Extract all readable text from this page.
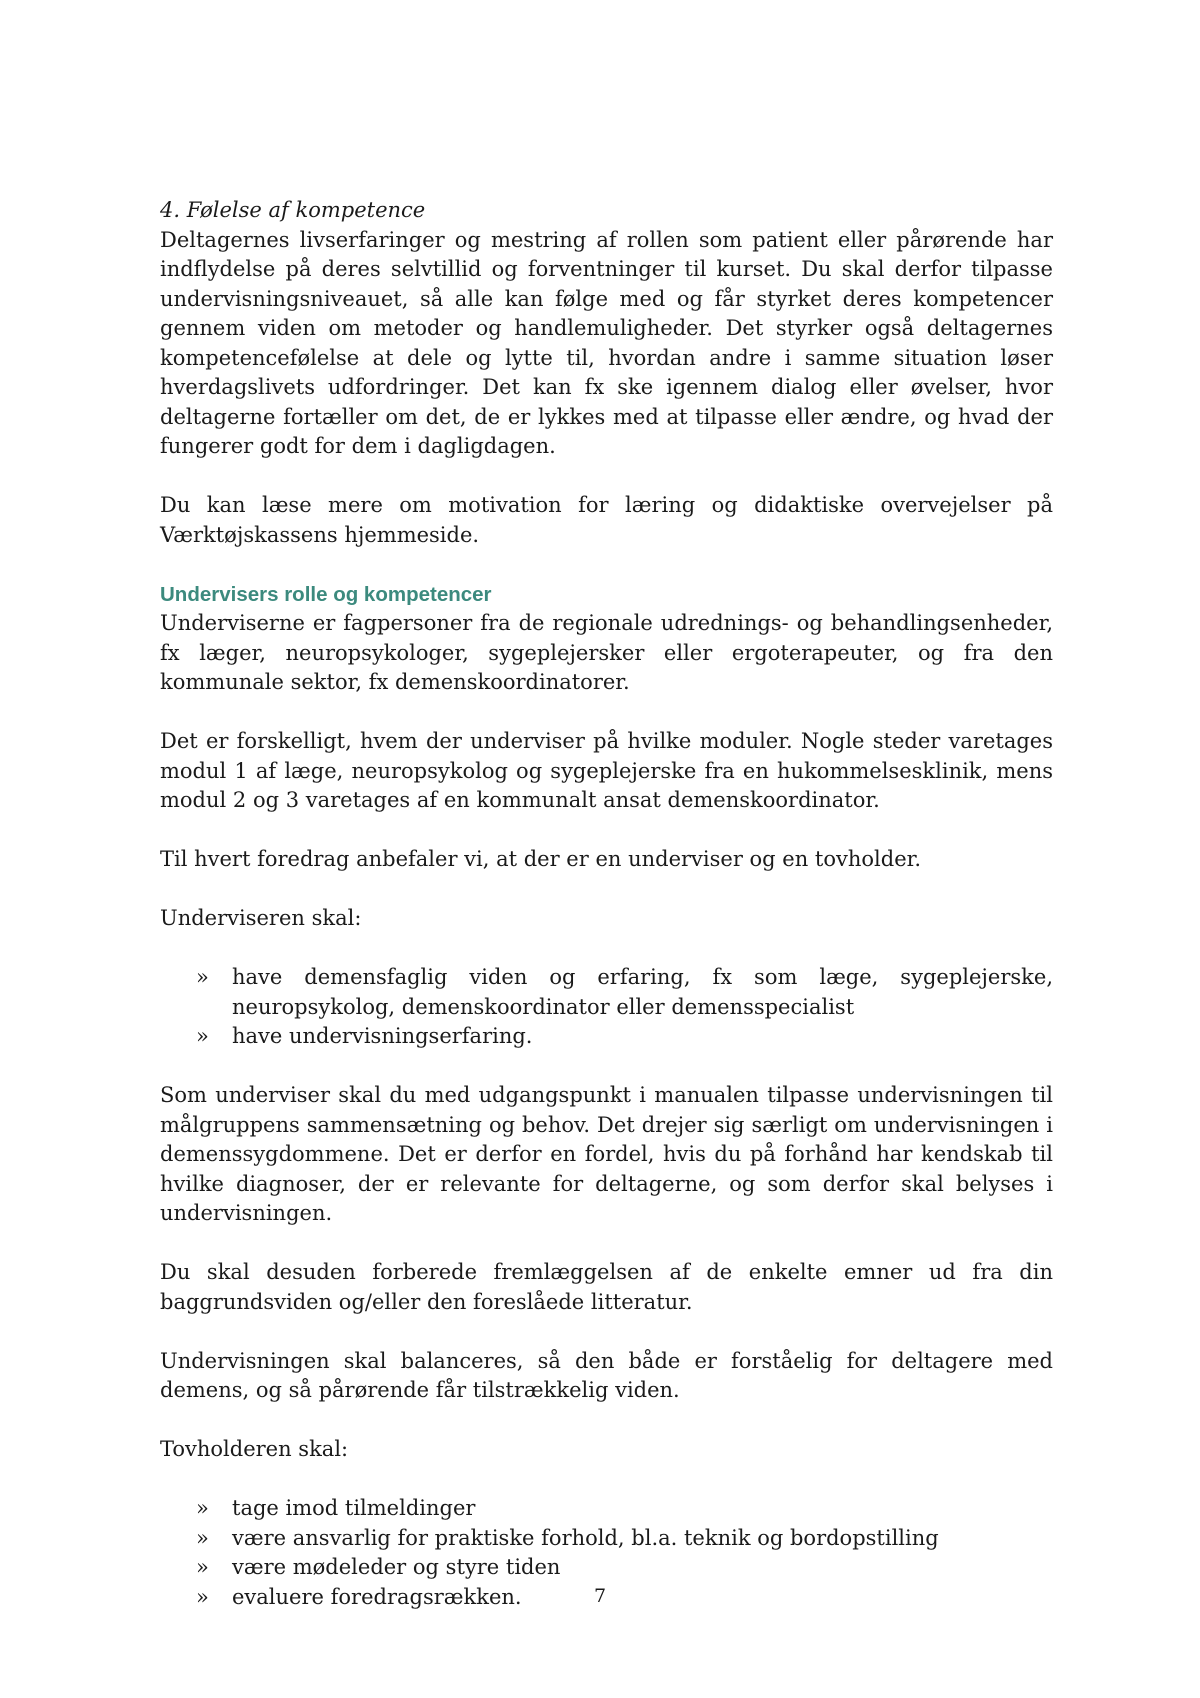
4. Følelse af kompetence

Deltagernes livserfaringer og mestring af rollen som patient eller pårørende har indflydelse på deres selvtillid og forventninger til kurset. Du skal derfor tilpasse undervisningsniveauet, så alle kan følge med og får styrket deres kompetencer gennem viden om metoder og handlemuligheder. Det styrker også deltagernes kompetencefølelse at dele og lytte til, hvordan andre i samme situation løser hverdagslivets udfordringer. Det kan fx ske igennem dialog eller øvelser, hvor deltagerne fortæller om det, de er lykkes med at tilpasse eller ændre, og hvad der fungerer godt for dem i dagligdagen.

Du kan læse mere om motivation for læring og didaktiske overvejelser på Værktøjskassens hjemmeside.

Undervisers rolle og kompetencer

Underviserne er fagpersoner fra de regionale udrednings- og behandlingsenheder, fx læger, neuropsykologer, sygeplejersker eller ergoterapeuter, og fra den kommunale sektor, fx demenskoordinatorer.

Det er forskelligt, hvem der underviser på hvilke moduler. Nogle steder varetages modul 1 af læge, neuropsykolog og sygeplejerske fra en hukommelsesklinik, mens modul 2 og 3 varetages af en kommunalt ansat demenskoordinator.

Til hvert foredrag anbefaler vi, at der er en underviser og en tovholder.

Underviseren skal:

»	have demensfaglig viden og erfaring, fx som læge, sygeplejerske, neuropsykolog, demenskoordinator eller demensspecialist
»	have undervisningserfaring.

Som underviser skal du med udgangspunkt i manualen tilpasse undervisningen til målgruppens sammensætning og behov. Det drejer sig særligt om undervisningen i demenssygdommene. Det er derfor en fordel, hvis du på forhånd har kendskab til hvilke diagnoser, der er relevante for deltagerne, og som derfor skal belyses i undervisningen.

Du skal desuden forberede fremlæggelsen af de enkelte emner ud fra din baggrundsviden og/eller den foreslåede litteratur.

Undervisningen skal balanceres, så den både er forståelig for deltagere med demens, og så pårørende får tilstrækkelig viden.

Tovholderen skal:

»	tage imod tilmeldinger
»	være ansvarlig for praktiske forhold, bl.a. teknik og bordopstilling
»	være mødeleder og styre tiden
»	evaluere foredragsrækken.	7
